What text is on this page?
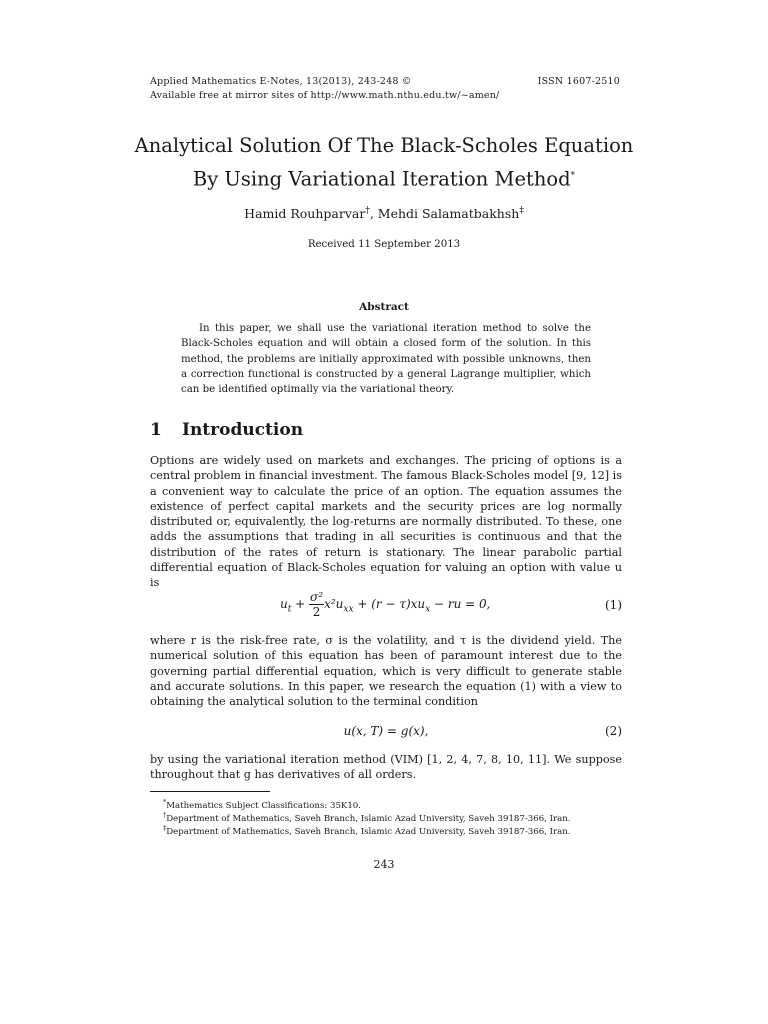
Applied Mathematics E-Notes, 13(2013), 243-248 ©	ISSN 1607-2510
Available free at mirror sites of http://www.math.nthu.edu.tw/~amen/
Analytical Solution Of The Black-Scholes Equation
By Using Variational Iteration Method*
Hamid Rouhparvar†, Mehdi Salamatbakhsh‡
Received 11 September 2013
Abstract
In this paper, we shall use the variational iteration method to solve the Black-Scholes equation and will obtain a closed form of the solution. In this method, the problems are initially approximated with possible unknowns, then a correction functional is constructed by a general Lagrange multiplier, which can be identified optimally via the variational theory.
1 Introduction
Options are widely used on markets and exchanges. The pricing of options is a central problem in financial investment. The famous Black-Scholes model [9, 12] is a convenient way to calculate the price of an option. The equation assumes the existence of perfect capital markets and the security prices are log normally distributed or, equivalently, the log-returns are normally distributed. To these, one adds the assumptions that trading in all securities is continuous and that the distribution of the rates of return is stationary. The linear parabolic partial differential equation of Black-Scholes equation for valuing an option with value u is
$u_t + \frac{\text{σ²}}{2} x^2u_{xx} + (r - \tau)xu_x$ − ru = 0,	(1)
where r is the risk-free rate, σ is the volatility, and τ is the dividend yield. The numerical solution of this equation has been of paramount interest due to the governing partial differential equation, which is very difficult to generate stable and accurate solutions. In this paper, we research the equation (1) with a view to obtaining the analytical solution to the terminal condition
u(x, T) = g(x),	(2)
by using the variational iteration method (VIM) [1, 2, 4, 7, 8, 10, 11]. We suppose throughout that g has derivatives of all orders.
*Mathematics Subject Classifications: 35K10.
†Department of Mathematics, Saveh Branch, Islamic Azad University, Saveh 39187-366, Iran.
‡Department of Mathematics, Saveh Branch, Islamic Azad University, Saveh 39187-366, Iran.
243
